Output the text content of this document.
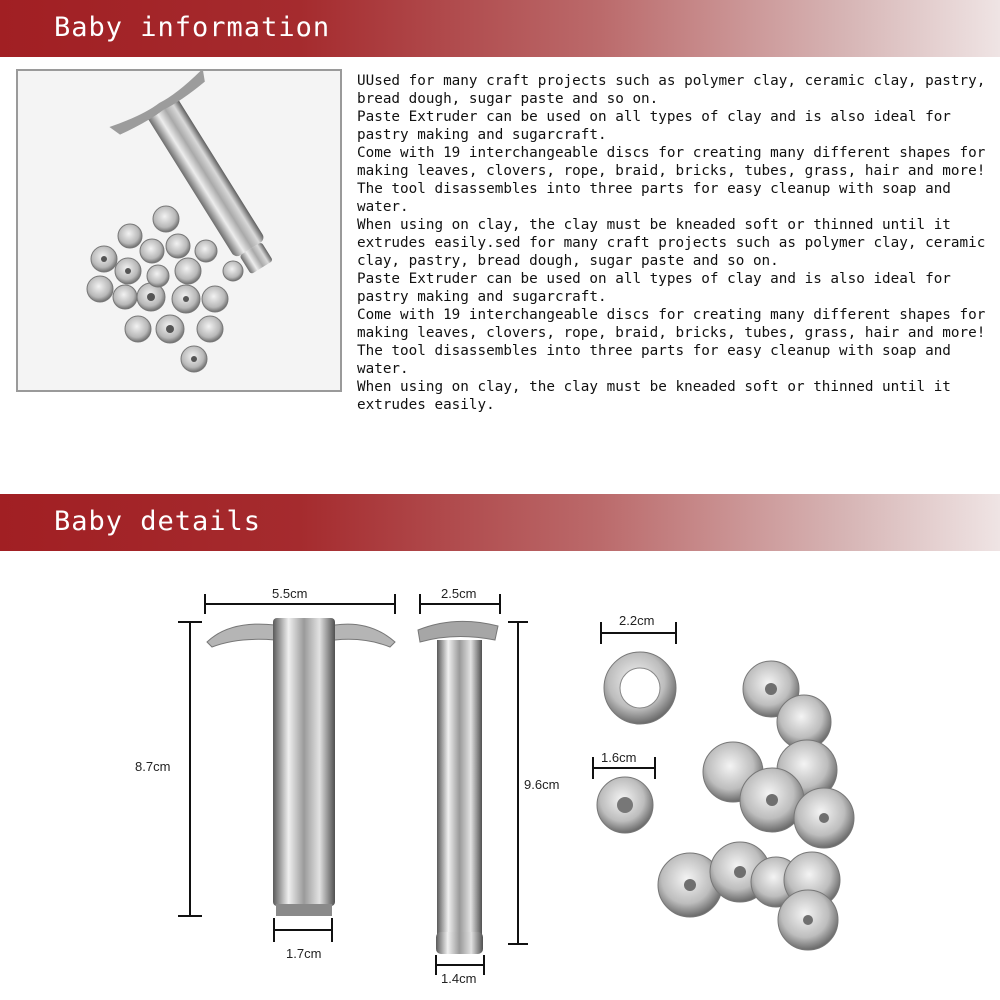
Baby information

UUsed for many craft projects such as polymer clay, ceramic clay, pastry, bread dough, sugar paste and so on.

Paste Extruder can be used on all types of clay and is also ideal for pastry making and sugarcraft.

Come with 19 interchangeable discs for creating many different shapes for making leaves, clovers, rope, braid, bricks, tubes, grass, hair and more!

The tool disassembles into three parts for easy cleanup with soap and water.

When using on clay, the clay must be kneaded soft or thinned until it extrudes easily.sed for many craft projects such as polymer clay, ceramic clay, pastry, bread dough, sugar paste and so on.

Paste Extruder can be used on all types of clay and is also ideal for pastry making and sugarcraft.

Come with 19 interchangeable discs for creating many different shapes for making leaves, clovers, rope, braid, bricks, tubes, grass, hair and more!

The tool disassembles into three parts for easy cleanup with soap and water.

When using on clay, the clay must be kneaded soft or thinned until it extrudes easily.

Baby details
5.5cm
8.7cm
1.7cm
2.5cm
9.6cm
1.4cm
2.2cm
1.6cm
